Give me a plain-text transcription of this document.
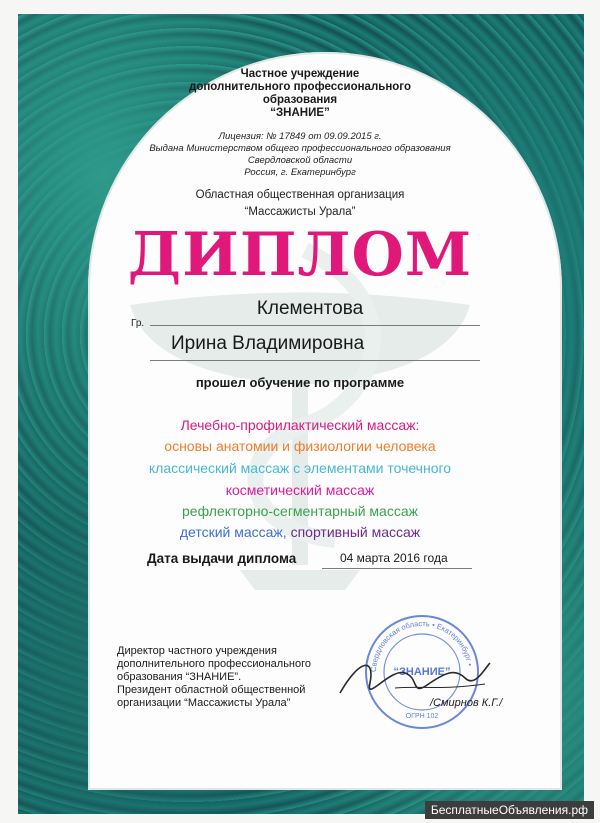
Частное учреждение

дополнительного профессионального

образования

“ЗНАНИЕ”

Лицензия: № 17849 от 09.09.2015 г.

Выдана Министерством общего профессионального образования

Свердловской области

Россия, г. Екатеринбург

Областная общественная организация

“Массажисты Урала”

ДИПЛОМ

Клементова

Гр.

Ирина Владимировна

прошел обучение по программе

Лечебно-профилактический массаж:

основы анатомии и физиологии человека

классический массаж с элементами точечного

косметический массаж

рефлекторно-сегментарный массаж

детский массаж, спортивный массаж

Дата выдачи диплома	04 марта 2016 года

Директор частного учреждения

дополнительного профессионального

образования “ЗНАНИЕ”.

Президент областной общественной

организации “Массажисты Урала”

Свердловская область • Екатеринбург •
“ЗНАНИЕ”
ОГРН 102

/Смирнов К.Г./

БесплатныеОбъявления.рф
